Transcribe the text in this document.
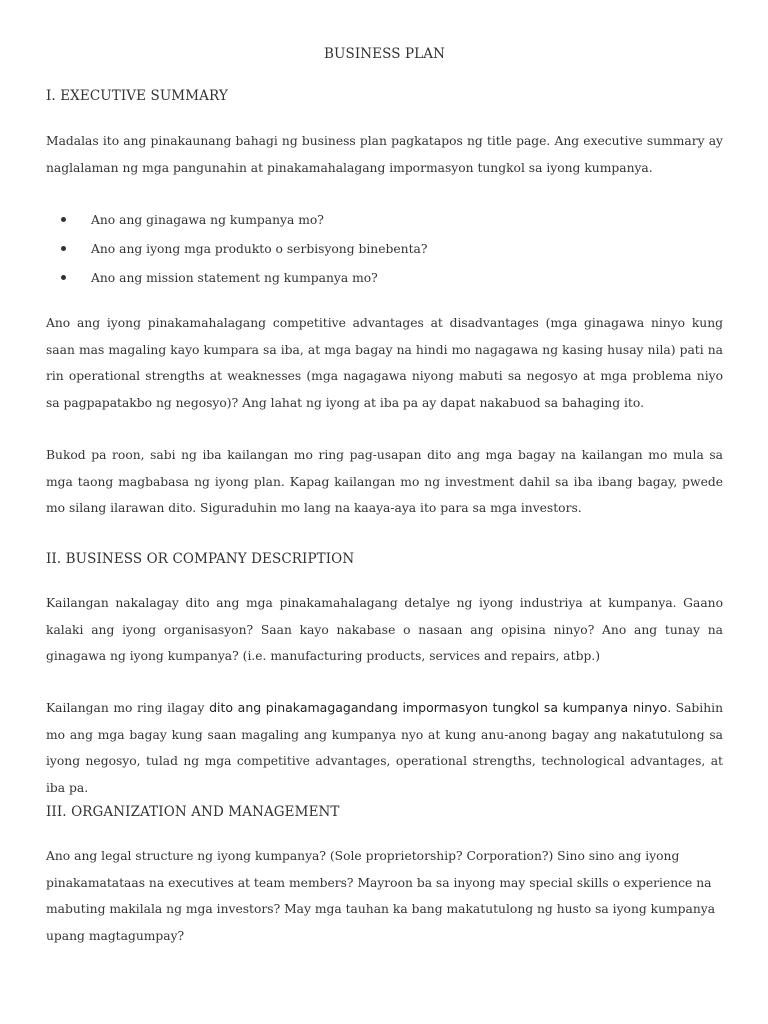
BUSINESS PLAN
I. EXECUTIVE SUMMARY

Madalas ito ang pinakaunang bahagi ng business plan pagkatapos ng title page. Ang executive summary ay naglalaman ng mga pangunahin at pinakamahalagang impormasyon tungkol sa iyong kumpanya.

Ano ang ginagawa ng kumpanya mo?
Ano ang iyong mga produkto o serbisyong binebenta?
Ano ang mission statement ng kumpanya mo?

Ano ang iyong pinakamahalagang competitive advantages at disadvantages (mga ginagawa ninyo kung saan mas magaling kayo kumpara sa iba, at mga bagay na hindi mo nagagawa ng kasing husay nila) pati na rin operational strengths at weaknesses (mga nagagawa niyong mabuti sa negosyo at mga problema niyo sa pagpapatakbo ng negosyo)? Ang lahat ng iyong at iba pa ay dapat nakabuod sa bahaging ito.

Bukod pa roon, sabi ng iba kailangan mo ring pag-usapan dito ang mga bagay na kailangan mo mula sa mga taong magbabasa ng iyong plan. Kapag kailangan mo ng investment dahil sa iba ibang bagay, pwede mo silang ilarawan dito. Siguraduhin mo lang na kaaya-aya ito para sa mga investors.

II. BUSINESS OR COMPANY DESCRIPTION

Kailangan nakalagay dito ang mga pinakamahalagang detalye ng iyong industriya at kumpanya. Gaano kalaki ang iyong organisasyon? Saan kayo nakabase o nasaan ang opisina ninyo? Ano ang tunay na ginagawa ng iyong kumpanya? (i.e. manufacturing products, services and repairs, atbp.)

Kailangan mo ring ilagay dito ang pinakamagagandang impormasyon tungkol sa kumpanya ninyo. Sabihin mo ang mga bagay kung saan magaling ang kumpanya nyo at kung anu-anong bagay ang nakatutulong sa iyong negosyo, tulad ng mga competitive advantages, operational strengths, technological advantages, at iba pa.

III. ORGANIZATION AND MANAGEMENT

Ano ang legal structure ng iyong kumpanya? (Sole proprietorship? Corporation?) Sino sino ang iyong pinakamatataas na executives at team members? Mayroon ba sa inyong may special skills o experience na mabuting makilala ng mga investors? May mga tauhan ka bang makatutulong ng husto sa iyong kumpanya upang magtagumpay?
